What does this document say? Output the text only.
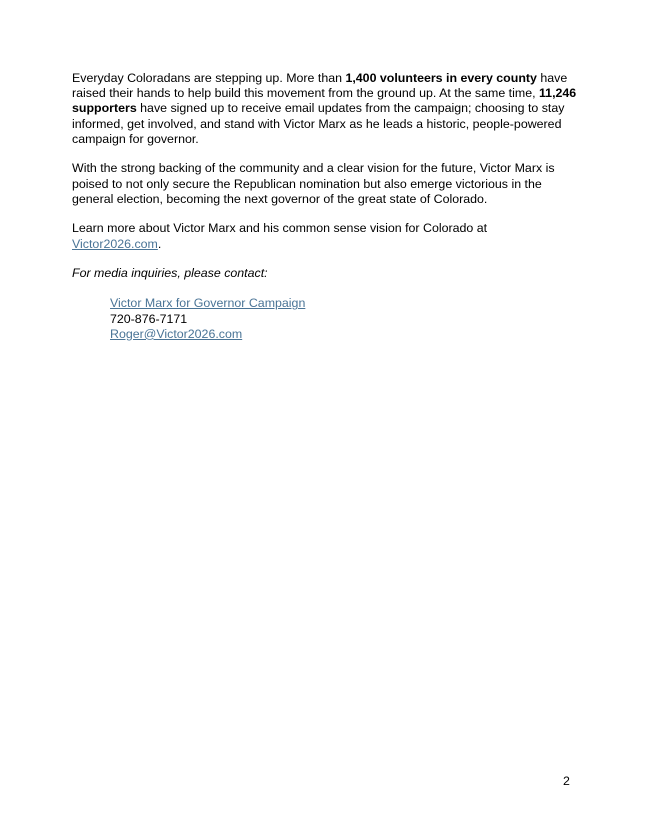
Everyday Coloradans are stepping up. More than 1,400 volunteers in every county have raised their hands to help build this movement from the ground up. At the same time, 11,246 supporters have signed up to receive email updates from the campaign; choosing to stay informed, get involved, and stand with Victor Marx as he leads a historic, people-powered campaign for governor.

With the strong backing of the community and a clear vision for the future, Victor Marx is poised to not only secure the Republican nomination but also emerge victorious in the general election, becoming the next governor of the great state of Colorado.

Learn more about Victor Marx and his common sense vision for Colorado at
Victor2026.com.

For media inquiries, please contact:

Victor Marx for Governor Campaign
720-876-7171
Roger@Victor2026.com
2
